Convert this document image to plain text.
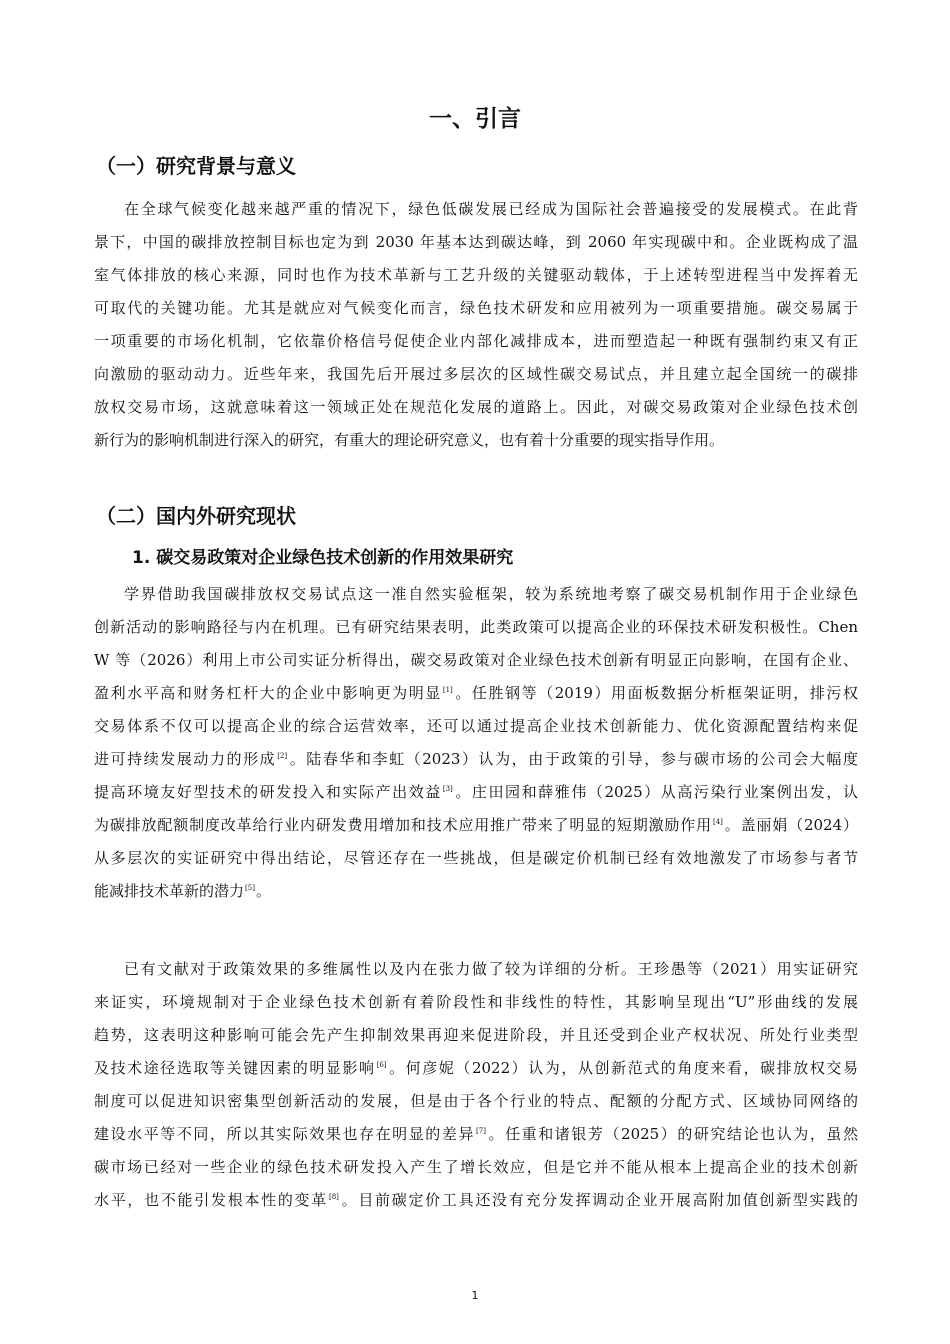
一、引言
（一）研究背景与意义
在全球气候变化越来越严重的情况下，绿色低碳发展已经成为国际社会普遍接受的发展模式。在此背
景下，中国的碳排放控制目标也定为到 2030 年基本达到碳达峰，到 2060 年实现碳中和。企业既构成了温
室气体排放的核心来源，同时也作为技术革新与工艺升级的关键驱动载体，于上述转型进程当中发挥着无
可取代的关键功能。尤其是就应对气候变化而言，绿色技术研发和应用被列为一项重要措施。碳交易属于
一项重要的市场化机制，它依靠价格信号促使企业内部化减排成本，进而塑造起一种既有强制约束又有正
向激励的驱动动力。近些年来，我国先后开展过多层次的区域性碳交易试点，并且建立起全国统一的碳排
放权交易市场，这就意味着这一领域正处在规范化发展的道路上。因此，对碳交易政策对企业绿色技术创
新行为的影响机制进行深入的研究，有重大的理论研究意义，也有着十分重要的现实指导作用。
（二）国内外研究现状
1. 碳交易政策对企业绿色技术创新的作用效果研究
学界借助我国碳排放权交易试点这一准自然实验框架，较为系统地考察了碳交易机制作用于企业绿色
创新活动的影响路径与内在机理。已有研究结果表明，此类政策可以提高企业的环保技术研发积极性。Chen
W 等（2026）利用上市公司实证分析得出，碳交易政策对企业绿色技术创新有明显正向影响，在国有企业、
盈利水平高和财务杠杆大的企业中影响更为明显[1]。任胜钢等（2019）用面板数据分析框架证明，排污权
交易体系不仅可以提高企业的综合运营效率，还可以通过提高企业技术创新能力、优化资源配置结构来促
进可持续发展动力的形成[2]。陆春华和李虹（2023）认为，由于政策的引导，参与碳市场的公司会大幅度
提高环境友好型技术的研发投入和实际产出效益[3]。庄田园和薛雅伟（2025）从高污染行业案例出发，认
为碳排放配额制度改革给行业内研发费用增加和技术应用推广带来了明显的短期激励作用[4]。盖丽娟（2024）
从多层次的实证研究中得出结论，尽管还存在一些挑战，但是碳定价机制已经有效地激发了市场参与者节
能减排技术革新的潜力[5]。
已有文献对于政策效果的多维属性以及内在张力做了较为详细的分析。王珍愚等（2021）用实证研究
来证实，环境规制对于企业绿色技术创新有着阶段性和非线性的特性，其影响呈现出“U”形曲线的发展
趋势，这表明这种影响可能会先产生抑制效果再迎来促进阶段，并且还受到企业产权状况、所处行业类型
及技术途径选取等关键因素的明显影响[6]。何彦妮（2022）认为，从创新范式的角度来看，碳排放权交易
制度可以促进知识密集型创新活动的发展，但是由于各个行业的特点、配额的分配方式、区域协同网络的
建设水平等不同，所以其实际效果也存在明显的差异[7]。任重和诸银芳（2025）的研究结论也认为，虽然
碳市场已经对一些企业的绿色技术研发投入产生了增长效应，但是它并不能从根本上提高企业的技术创新
水平，也不能引发根本性的变革[8]。目前碳定价工具还没有充分发挥调动企业开展高附加值创新型实践的
1
